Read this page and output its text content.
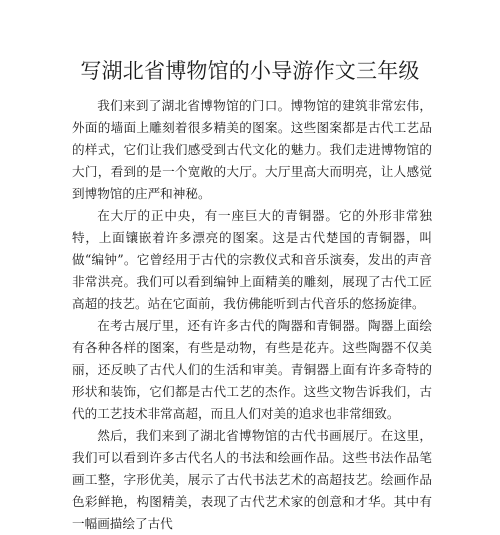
写湖北省博物馆的小导游作文三年级

我们来到了湖北省博物馆的门口。博物馆的建筑非常宏伟，外面的墙面上雕刻着很多精美的图案。这些图案都是古代工艺品的样式，它们让我们感受到古代文化的魅力。我们走进博物馆的大门，看到的是一个宽敞的大厅。大厅里高大而明亮，让人感觉到博物馆的庄严和神秘。

在大厅的正中央，有一座巨大的青铜器。它的外形非常独特，上面镶嵌着许多漂亮的图案。这是古代楚国的青铜器，叫做“编钟”。它曾经用于古代的宗教仪式和音乐演奏，发出的声音非常洪亮。我们可以看到编钟上面精美的雕刻，展现了古代工匠高超的技艺。站在它面前，我仿佛能听到古代音乐的悠扬旋律。

在考古展厅里，还有许多古代的陶器和青铜器。陶器上面绘有各种各样的图案，有些是动物，有些是花卉。这些陶器不仅美丽，还反映了古代人们的生活和审美。青铜器上面有许多奇特的形状和装饰，它们都是古代工艺的杰作。这些文物告诉我们，古代的工艺技术非常高超，而且人们对美的追求也非常细致。

然后，我们来到了湖北省博物馆的古代书画展厅。在这里，我们可以看到许多古代名人的书法和绘画作品。这些书法作品笔画工整，字形优美，展示了古代书法艺术的高超技艺。绘画作品色彩鲜艳，构图精美，表现了古代艺术家的创意和才华。其中有一幅画描绘了古代
